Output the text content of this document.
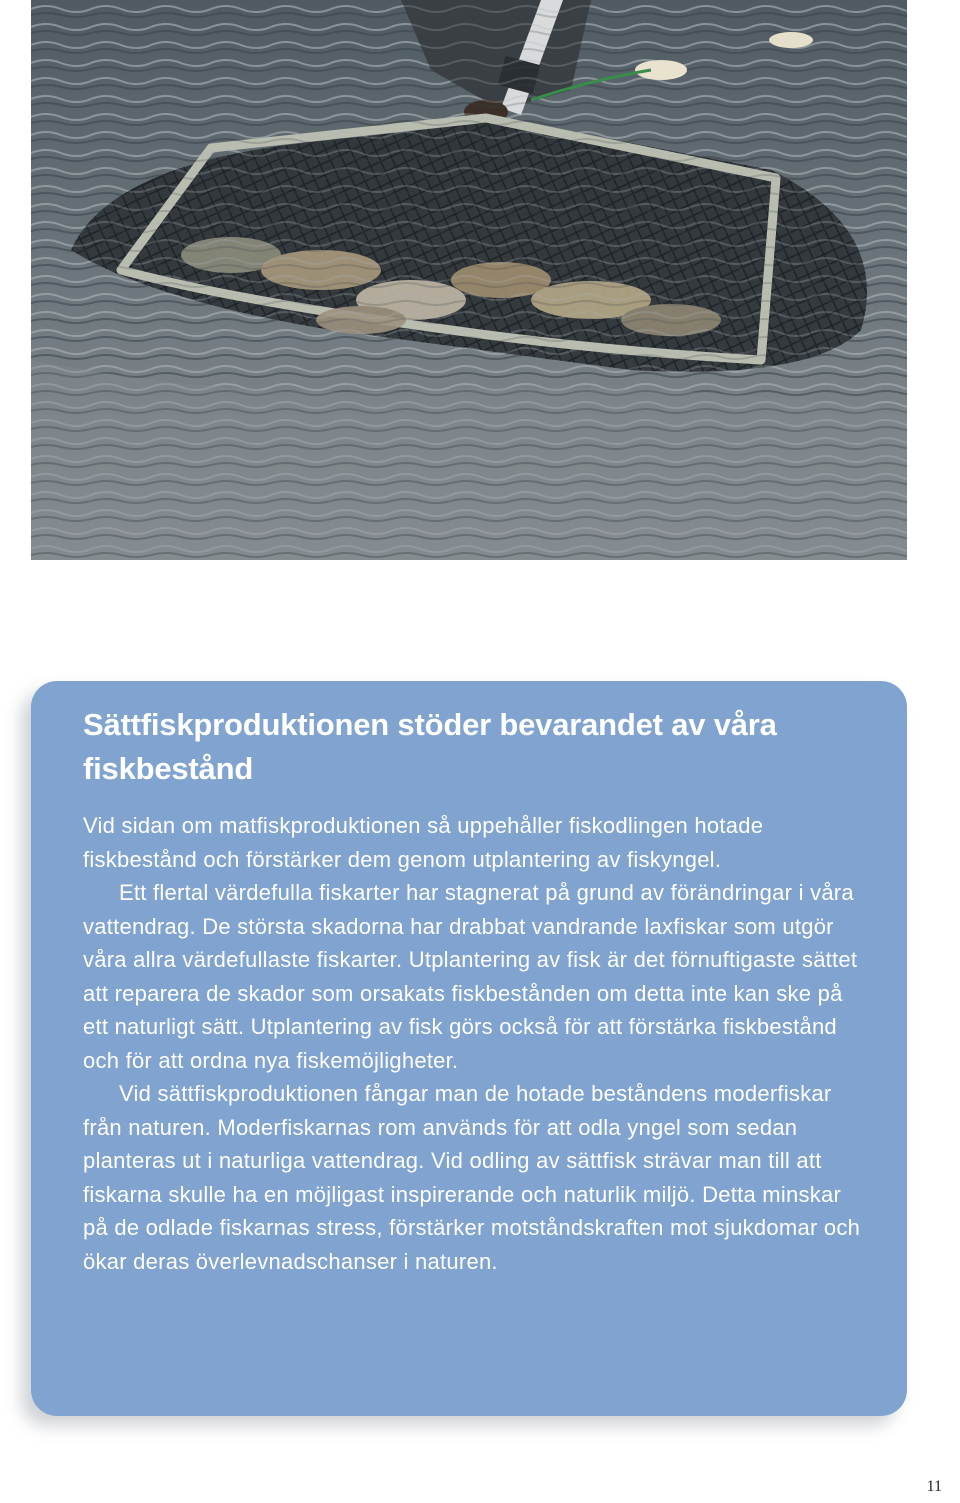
Sättfiskproduktionen stöder bevarandet av våra fiskbestånd

Vid sidan om matfiskproduktionen så uppehåller fiskodlingen hotade fiskbestånd och förstärker dem genom utplantering av fiskyngel.

Ett flertal värdefulla fiskarter har stagnerat på grund av förändringar i våra vattendrag. De största skadorna har drabbat vandrande laxfiskar som utgör våra allra värdefullaste fiskarter. Utplantering av fisk är det förnuftigaste sättet att reparera de skador som orsakats fiskbestånden om detta inte kan ske på ett naturligt sätt. Utplantering av fisk görs också för att förstärka fiskbestånd och för att ordna nya fiskemöjligheter.

Vid sättfiskproduktionen fångar man de hotade beståndens moderfiskar från naturen. Moderfiskarnas rom används för att odla yngel som sedan planteras ut i naturliga vattendrag. Vid odling av sättfisk strävar man till att fiskarna skulle ha en möjligast inspirerande och naturlik miljö. Detta minskar på de odlade fiskarnas stress, förstärker motståndskraften mot sjukdomar och ökar deras överlevnadschanser i naturen.

11
